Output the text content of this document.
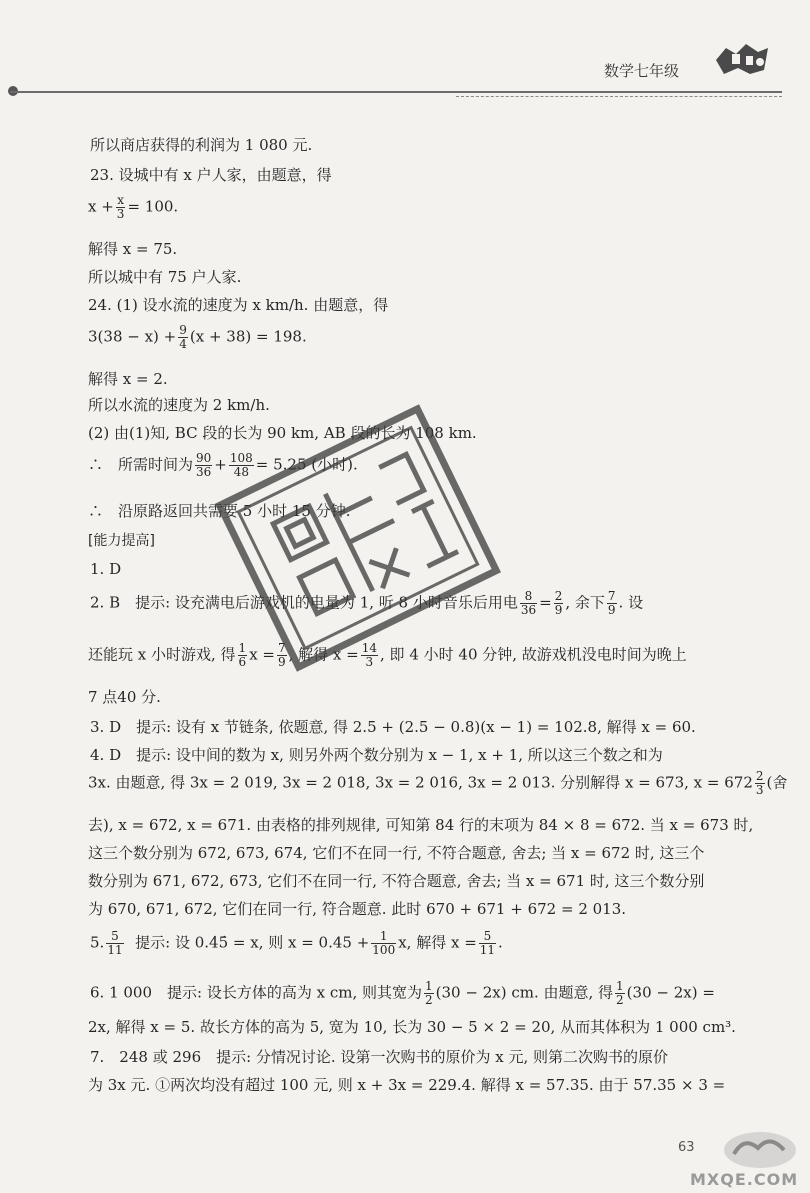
数学七年级
所以商店获得的利润为 1 080 元.
23. 设城中有 x 户人家，由题意，得
$x + \frac{x}{3} = 100$.
解得 x = 75.
所以城中有 75 户人家.
24. (1) 设水流的速度为 x km/h. 由题意，得
$3(38 - x) + \frac{9}{4} (x + 38) = 198$.
解得 x = 2.
所以水流的速度为 2 km/h.
(2) 由(1)知, BC 段的长为 90 km, AB 段的长为 108 km.
∴　所需时间为 $\frac{90}{36} + \frac{108}{48} = 5.25$ (小时).
∴　沿原路返回共需要 5 小时 15 分钟.
[能力提高]
1. D
2. B　提示: 设充满电后游戏机的电量为 1, 听 8 小时音乐后用电 $\frac{8}{36} = \frac{2}{9}$ , 余下 $\frac{7}{9}$ . 设
还能玩 x 小时游戏, 得 $\frac{1}{6}$ $x = \frac{7}{9}$ , 解得 $x = \frac{14}{3}$ , 即 4 小时 40 分钟, 故游戏机没电时间为晚上
7 点40 分.
3. D　提示: 设有 x 节链条, 依题意, 得 2.5 + (2.5 − 0.8)(x − 1) = 102.8, 解得 x = 60.
4. D　提示: 设中间的数为 x, 则另外两个数分别为 x − 1, x + 1, 所以这三个数之和为
3x. 由题意, 得 3x = 2 019, 3x = 2 018, 3x = 2 016, 3x = 2 013. 分别解得 x = 673, $x = 672 \frac{2}{3}$ (舍
去), x = 672, x = 671. 由表格的排列规律, 可知第 84 行的末项为 84 × 8 = 672. 当 x = 673 时,
这三个数分别为 672, 673, 674, 它们不在同一行, 不符合题意, 舍去; 当 x = 672 时, 这三个
数分别为 671, 672, 673, 它们不在同一行, 不符合题意, 舍去; 当 x = 671 时, 这三个数分别
为 670, 671, 672, 它们在同一行, 符合题意. 此时 670 + 671 + 672 = 2 013.
5. $\frac{5}{11}$ 提示: 设 0.4̇5̇ = x, 则 $x = 0.45 + \frac{1}{100} x$, 解得 $x = \frac{5}{11}$ .
6. 1 000　提示: 设长方体的高为 x cm, 则其宽为 $\frac{1}{2} (30 - 2x)$ cm. 由题意, 得 $\frac{1}{2} (30 - 2x)$ =
2x, 解得 x = 5. 故长方体的高为 5, 宽为 10, 长为 30 − 5 × 2 = 20, 从而其体积为 1 000 cm³.
7.　248 或 296　提示: 分情况讨论. 设第一次购书的原价为 x 元, 则第二次购书的原价
为 3x 元. ①两次均没有超过 100 元, 则 x + 3x = 229.4. 解得 x = 57.35. 由于 57.35 × 3 =
63
MXQE.COM
